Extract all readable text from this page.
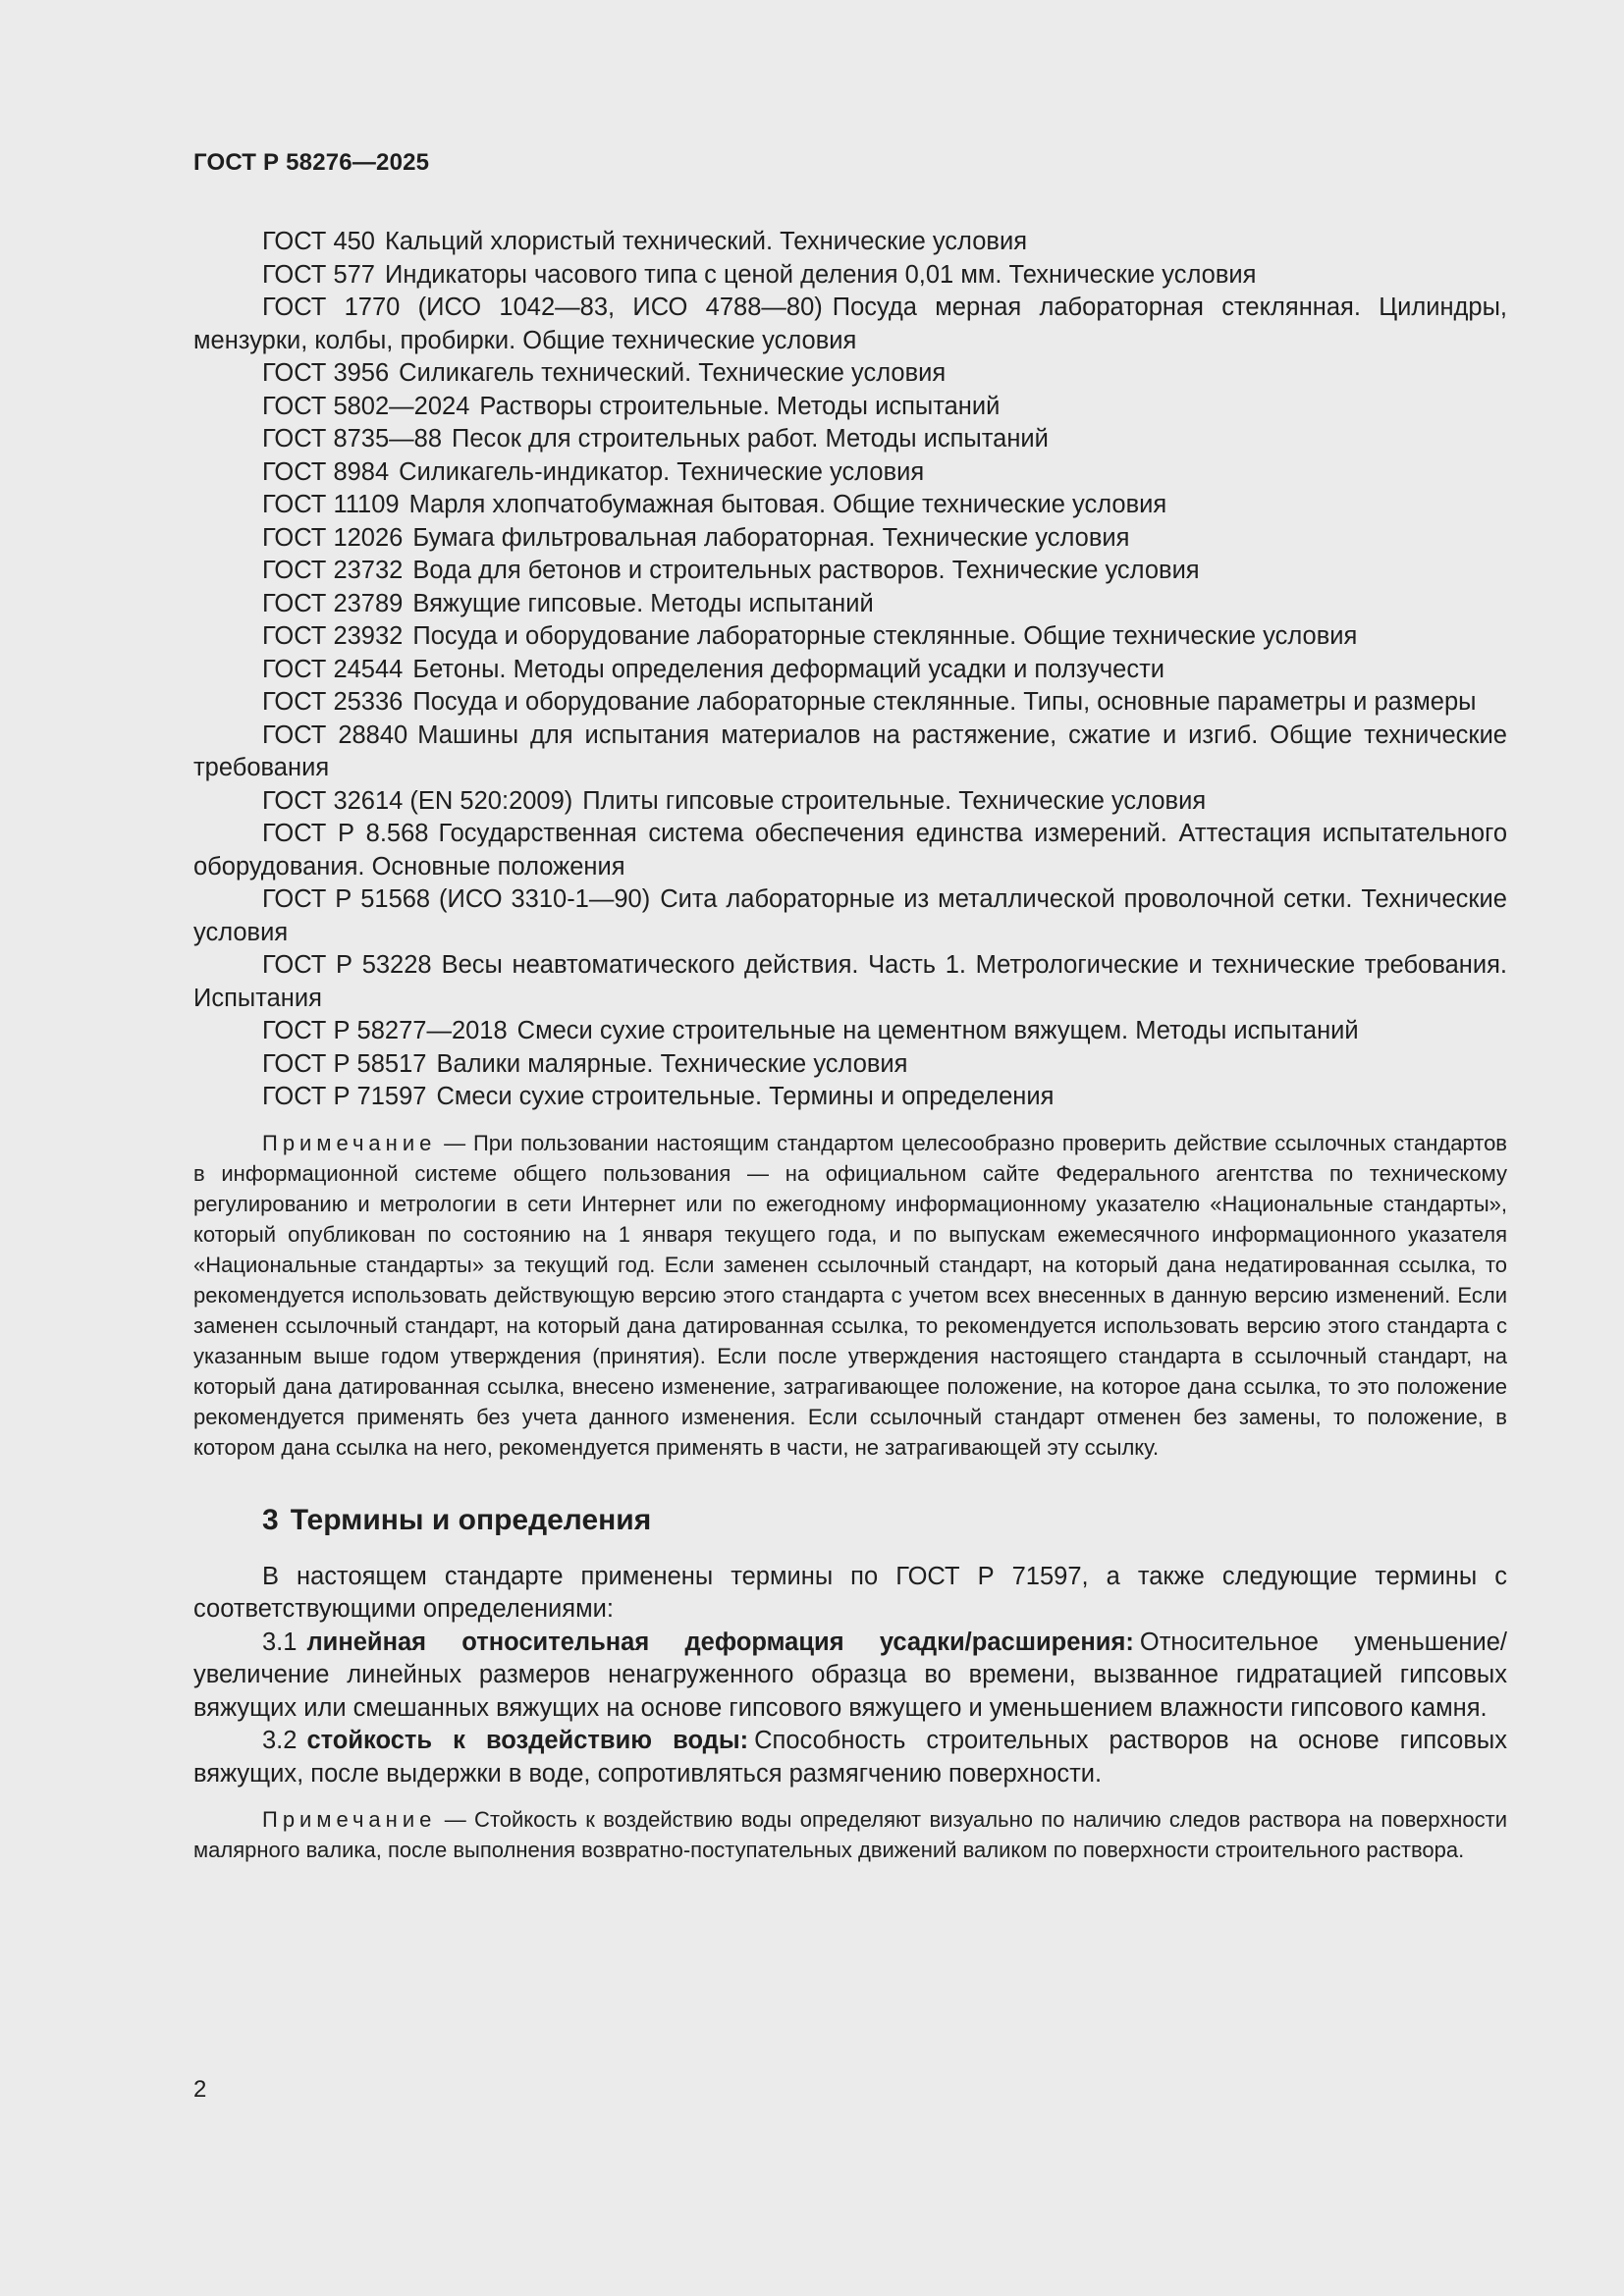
ГОСТ Р 58276—2025
ГОСТ 450 Кальций хлористый технический. Технические условия
ГОСТ 577 Индикаторы часового типа с ценой деления 0,01 мм. Технические условия
ГОСТ 1770 (ИСО 1042—83, ИСО 4788—80) Посуда мерная лабораторная стеклянная. Цилиндры, мензурки, колбы, пробирки. Общие технические условия
ГОСТ 3956 Силикагель технический. Технические условия
ГОСТ 5802—2024 Растворы строительные. Методы испытаний
ГОСТ 8735—88 Песок для строительных работ. Методы испытаний
ГОСТ 8984 Силикагель-индикатор. Технические условия
ГОСТ 11109 Марля хлопчатобумажная бытовая. Общие технические условия
ГОСТ 12026 Бумага фильтровальная лабораторная. Технические условия
ГОСТ 23732 Вода для бетонов и строительных растворов. Технические условия
ГОСТ 23789 Вяжущие гипсовые. Методы испытаний
ГОСТ 23932 Посуда и оборудование лабораторные стеклянные. Общие технические условия
ГОСТ 24544 Бетоны. Методы определения деформаций усадки и ползучести
ГОСТ 25336 Посуда и оборудование лабораторные стеклянные. Типы, основные параметры и размеры
ГОСТ 28840 Машины для испытания материалов на растяжение, сжатие и изгиб. Общие технические требования
ГОСТ 32614 (EN 520:2009) Плиты гипсовые строительные. Технические условия
ГОСТ Р 8.568 Государственная система обеспечения единства измерений. Аттестация испытательного оборудования. Основные положения
ГОСТ Р 51568 (ИСО 3310-1—90) Сита лабораторные из металлической проволочной сетки. Технические условия
ГОСТ Р 53228 Весы неавтоматического действия. Часть 1. Метрологические и технические требования. Испытания
ГОСТ Р 58277—2018 Смеси сухие строительные на цементном вяжущем. Методы испытаний
ГОСТ Р 58517 Валики малярные. Технические условия
ГОСТ Р 71597 Смеси сухие строительные. Термины и определения
Примечание — При пользовании настоящим стандартом целесообразно проверить действие ссылочных стандартов в информационной системе общего пользования — на официальном сайте Федерального агентства по техническому регулированию и метрологии в сети Интернет или по ежегодному информационному указателю «Национальные стандарты», который опубликован по состоянию на 1 января текущего года, и по выпускам ежемесячного информационного указателя «Национальные стандарты» за текущий год. Если заменен ссылочный стандарт, на который дана недатированная ссылка, то рекомендуется использовать действующую версию этого стандарта с учетом всех внесенных в данную версию изменений. Если заменен ссылочный стандарт, на который дана датированная ссылка, то рекомендуется использовать версию этого стандарта с указанным выше годом утверждения (принятия). Если после утверждения настоящего стандарта в ссылочный стандарт, на который дана датированная ссылка, внесено изменение, затрагивающее положение, на которое дана ссылка, то это положение рекомендуется применять без учета данного изменения. Если ссылочный стандарт отменен без замены, то положение, в котором дана ссылка на него, рекомендуется применять в части, не затрагивающей эту ссылку.
3 Термины и определения
В настоящем стандарте применены термины по ГОСТ Р 71597, а также следующие термины с соответствующими определениями:
3.1 линейная относительная деформация усадки/расширения: Относительное уменьшение/увеличение линейных размеров ненагруженного образца во времени, вызванное гидратацией гипсовых вяжущих или смешанных вяжущих на основе гипсового вяжущего и уменьшением влажности гипсового камня.
3.2 стойкость к воздействию воды: Способность строительных растворов на основе гипсовых вяжущих, после выдержки в воде, сопротивляться размягчению поверхности.
Примечание — Стойкость к воздействию воды определяют визуально по наличию следов раствора на поверхности малярного валика, после выполнения возвратно-поступательных движений валиком по поверхности строительного раствора.
2
